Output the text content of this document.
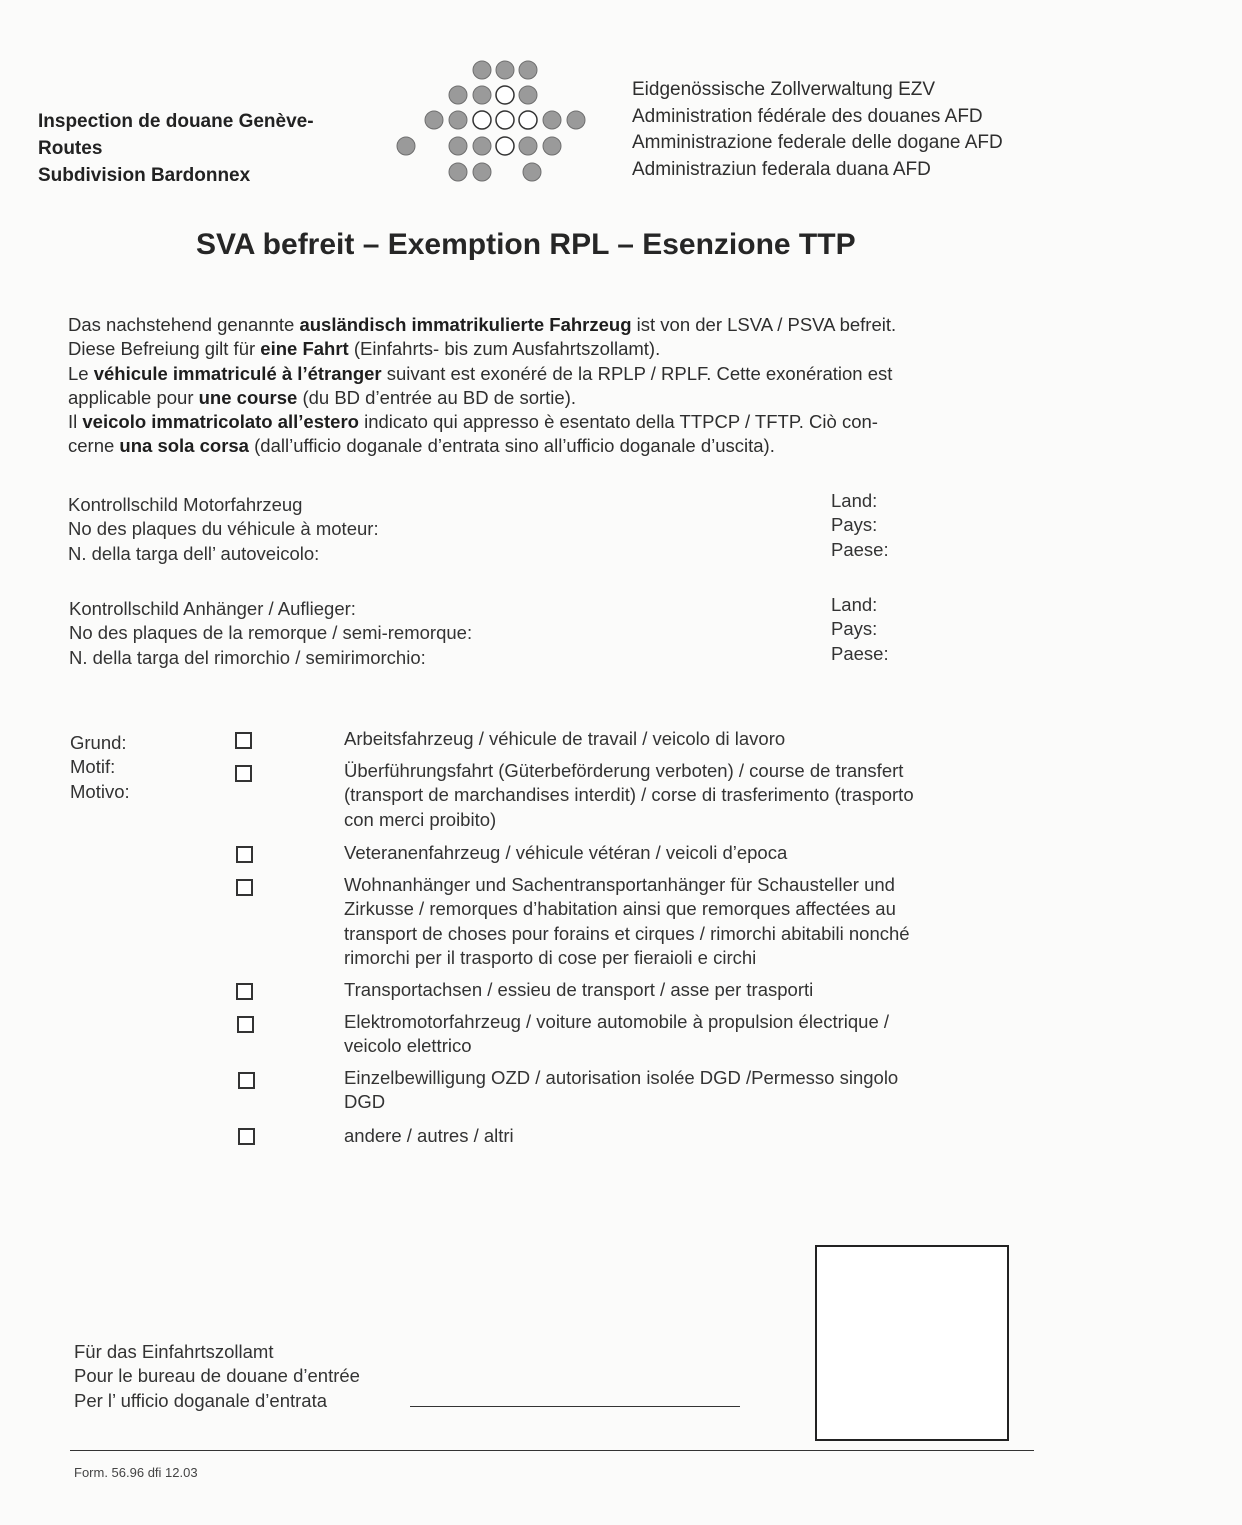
Inspection de douane Genève-
Routes
Subdivision Bardonnex
Eidgenössische Zollverwaltung EZV
Administration fédérale des douanes AFD
Amministrazione federale delle dogane AFD
Administraziun federala duana AFD
SVA befreit – Exemption RPL – Esenzione TTP

Das nachstehend genannte ausländisch immatrikulierte Fahrzeug ist von der LSVA / PSVA befreit.

Diese Befreiung gilt für eine Fahrt (Einfahrts- bis zum Ausfahrtszollamt).

Le véhicule immatriculé à l’étranger suivant est exonéré de la RPLP / RPLF. Cette exonération est

applicable pour une course (du BD d’entrée au BD de sortie).

Il veicolo immatricolato all’estero indicato qui appresso è esentato della TTPCP / TFTP. Ciò con-

cerne una sola corsa (dall’ufficio doganale d’entrata sino all’ufficio doganale d’uscita).

Kontrollschild Motorfahrzeug
No des plaques du véhicule à moteur:
N. della targa dell’ autoveicolo:
Land:
Pays:
Paese:
Kontrollschild Anhänger / Auflieger:
No des plaques de la remorque / semi-remorque:
N. della targa del rimorchio / semirimorchio:
Land:
Pays:
Paese:
Grund:
Motif:
Motivo:
Arbeitsfahrzeug / véhicule de travail / veicolo di lavoro
Überführungsfahrt (Güterbeförderung verboten) / course de transfert
(transport de marchandises interdit) / corse di trasferimento (trasporto
con merci proibito)
Veteranenfahrzeug / véhicule vétéran / veicoli d’epoca
Wohnanhänger und Sachentransportanhänger für Schausteller und
Zirkusse / remorques d’habitation ainsi que remorques affectées au
transport de choses pour forains et cirques / rimorchi abitabili nonché
rimorchi per il trasporto di cose per fieraioli e circhi
Transportachsen / essieu de transport / asse per trasporti
Elektromotorfahrzeug / voiture automobile à propulsion électrique /
veicolo elettrico
Einzelbewilligung OZD / autorisation isolée DGD /Permesso singolo
DGD
andere / autres / altri
Für das Einfahrtszollamt
Pour le bureau de douane d’entrée
Per l’ ufficio doganale d’entrata
Form. 56.96 dfi 12.03
